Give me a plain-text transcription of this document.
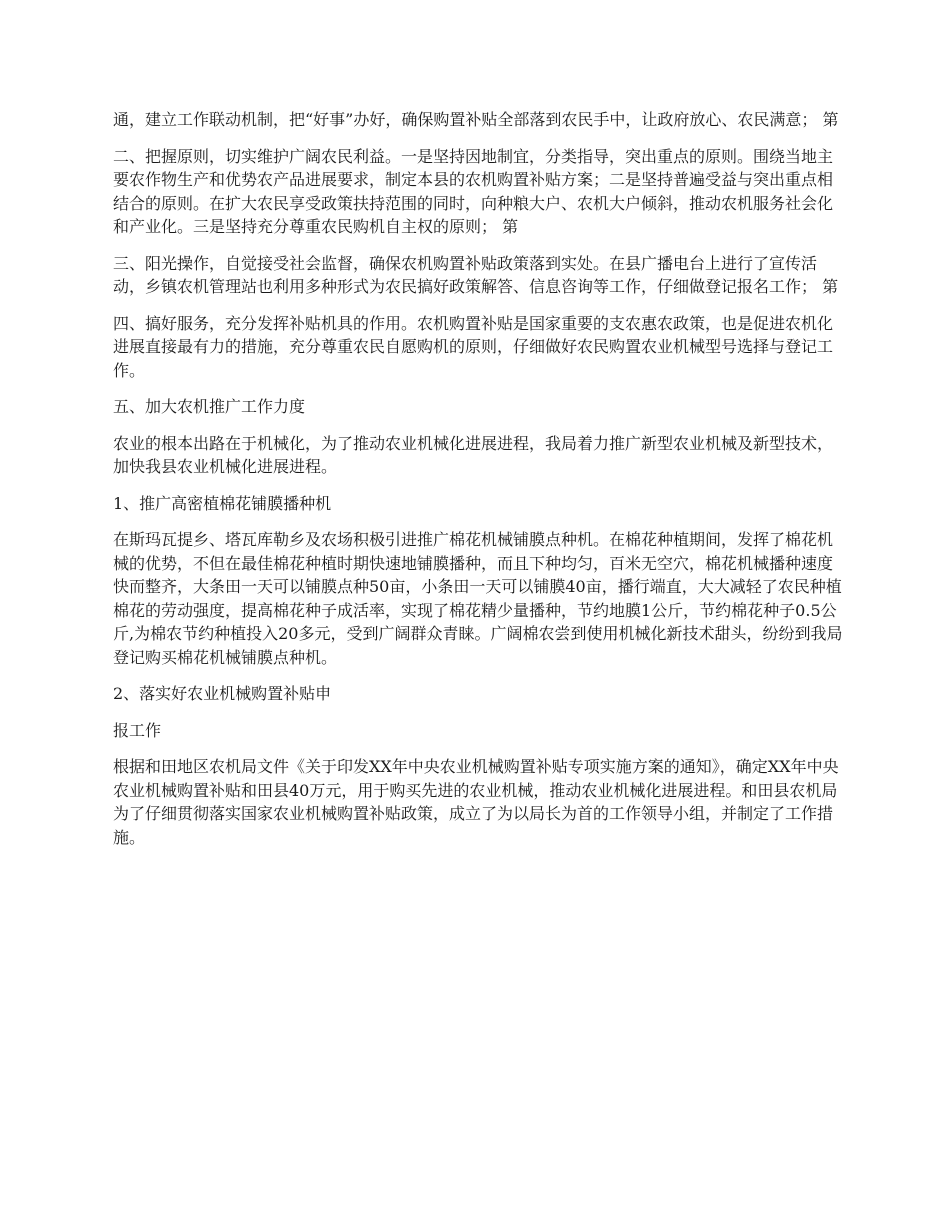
通，建立工作联动机制，把“好事”办好，确保购置补贴全部落到农民手中，让政府放心、农民满意； 第

二、把握原则，切实维护广阔农民利益。一是坚持因地制宜，分类指导，突出重点的原则。围绕当地主要农作物生产和优势农产品进展要求，制定本县的农机购置补贴方案；二是坚持普遍受益与突出重点相结合的原则。在扩大农民享受政策扶持范围的同时，向种粮大户、农机大户倾斜，推动农机服务社会化和产业化。三是坚持充分尊重农民购机自主权的原则； 第

三、阳光操作，自觉接受社会监督，确保农机购置补贴政策落到实处。在县广播电台上进行了宣传活动，乡镇农机管理站也利用多种形式为农民搞好政策解答、信息咨询等工作，仔细做登记报名工作； 第

四、搞好服务，充分发挥补贴机具的作用。农机购置补贴是国家重要的支农惠农政策，也是促进农机化进展直接最有力的措施，充分尊重农民自愿购机的原则，仔细做好农民购置农业机械型号选择与登记工作。

五、加大农机推广工作力度

农业的根本出路在于机械化，为了推动农业机械化进展进程，我局着力推广新型农业机械及新型技术，加快我县农业机械化进展进程。

1、推广高密植棉花铺膜播种机

在斯玛瓦提乡、塔瓦库勒乡及农场积极引进推广棉花机械铺膜点种机。在棉花种植期间，发挥了棉花机械的优势，不但在最佳棉花种植时期快速地铺膜播种，而且下种均匀，百米无空穴，棉花机械播种速度快而整齐，大条田一天可以铺膜点种50亩，小条田一天可以铺膜40亩，播行端直，大大减轻了农民种植棉花的劳动强度，提高棉花种子成活率，实现了棉花精少量播种，节约地膜1公斤，节约棉花种子0.5公斤,为棉农节约种植投入20多元，受到广阔群众青睐。广阔棉农尝到使用机械化新技术甜头，纷纷到我局登记购买棉花机械铺膜点种机。

2、落实好农业机械购置补贴申

报工作

根据和田地区农机局文件《关于印发XX年中央农业机械购置补贴专项实施方案的通知》，确定XX年中央农业机械购置补贴和田县40万元，用于购买先进的农业机械，推动农业机械化进展进程。和田县农机局为了仔细贯彻落实国家农业机械购置补贴政策，成立了为以局长为首的工作领导小组，并制定了工作措施。
